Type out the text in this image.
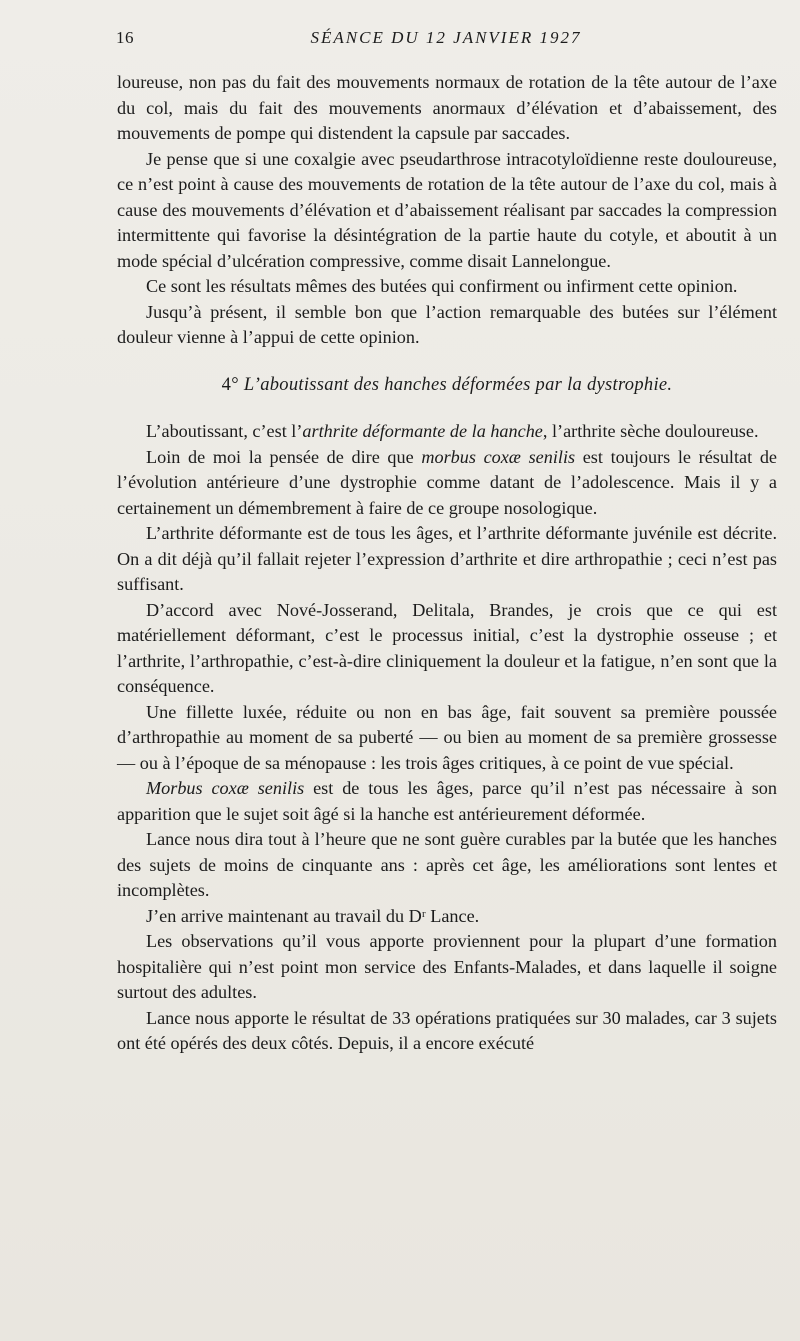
16	SÉANCE DU 12 JANVIER 1927

loureuse, non pas du fait des mouvements normaux de rotation de la tête autour de l’axe du col, mais du fait des mouvements anormaux d’élévation et d’abaissement, des mouvements de pompe qui distendent la capsule par saccades.

Je pense que si une coxalgie avec pseudarthrose intracotyloïdienne reste douloureuse, ce n’est point à cause des mouvements de rotation de la tête autour de l’axe du col, mais à cause des mouvements d’élévation et d’abaissement réalisant par saccades la compression intermittente qui favorise la désintégration de la partie haute du cotyle, et aboutit à un mode spécial d’ulcération compressive, comme disait Lannelongue.

Ce sont les résultats mêmes des butées qui confirment ou infirment cette opinion.

Jusqu’à présent, il semble bon que l’action remarquable des butées sur l’élément douleur vienne à l’appui de cette opinion.

4° L’aboutissant des hanches déformées par la dystrophie.

L’aboutissant, c’est l’arthrite déformante de la hanche, l’arthrite sèche douloureuse.

Loin de moi la pensée de dire que morbus coxæ senilis est toujours le résultat de l’évolution antérieure d’une dystrophie comme datant de l’adolescence. Mais il y a certainement un démembrement à faire de ce groupe nosologique.

L’arthrite déformante est de tous les âges, et l’arthrite déformante juvénile est décrite. On a dit déjà qu’il fallait rejeter l’expression d’arthrite et dire arthropathie ; ceci n’est pas suffisant.

D’accord avec Nové-Josserand, Delitala, Brandes, je crois que ce qui est matériellement déformant, c’est le processus initial, c’est la dystrophie osseuse ; et l’arthrite, l’arthropathie, c’est-à-dire cliniquement la douleur et la fatigue, n’en sont que la conséquence.

Une fillette luxée, réduite ou non en bas âge, fait souvent sa première poussée d’arthropathie au moment de sa puberté — ou bien au moment de sa première grossesse — ou à l’époque de sa ménopause : les trois âges critiques, à ce point de vue spécial.

Morbus coxæ senilis est de tous les âges, parce qu’il n’est pas nécessaire à son apparition que le sujet soit âgé si la hanche est antérieurement déformée.

Lance nous dira tout à l’heure que ne sont guère curables par la butée que les hanches des sujets de moins de cinquante ans : après cet âge, les améliorations sont lentes et incomplètes.

J’en arrive maintenant au travail du Dʳ Lance.

Les observations qu’il vous apporte proviennent pour la plupart d’une formation hospitalière qui n’est point mon service des Enfants-Malades, et dans laquelle il soigne surtout des adultes.

Lance nous apporte le résultat de 33 opérations pratiquées sur 30 malades, car 3 sujets ont été opérés des deux côtés. Depuis, il a encore exécuté
